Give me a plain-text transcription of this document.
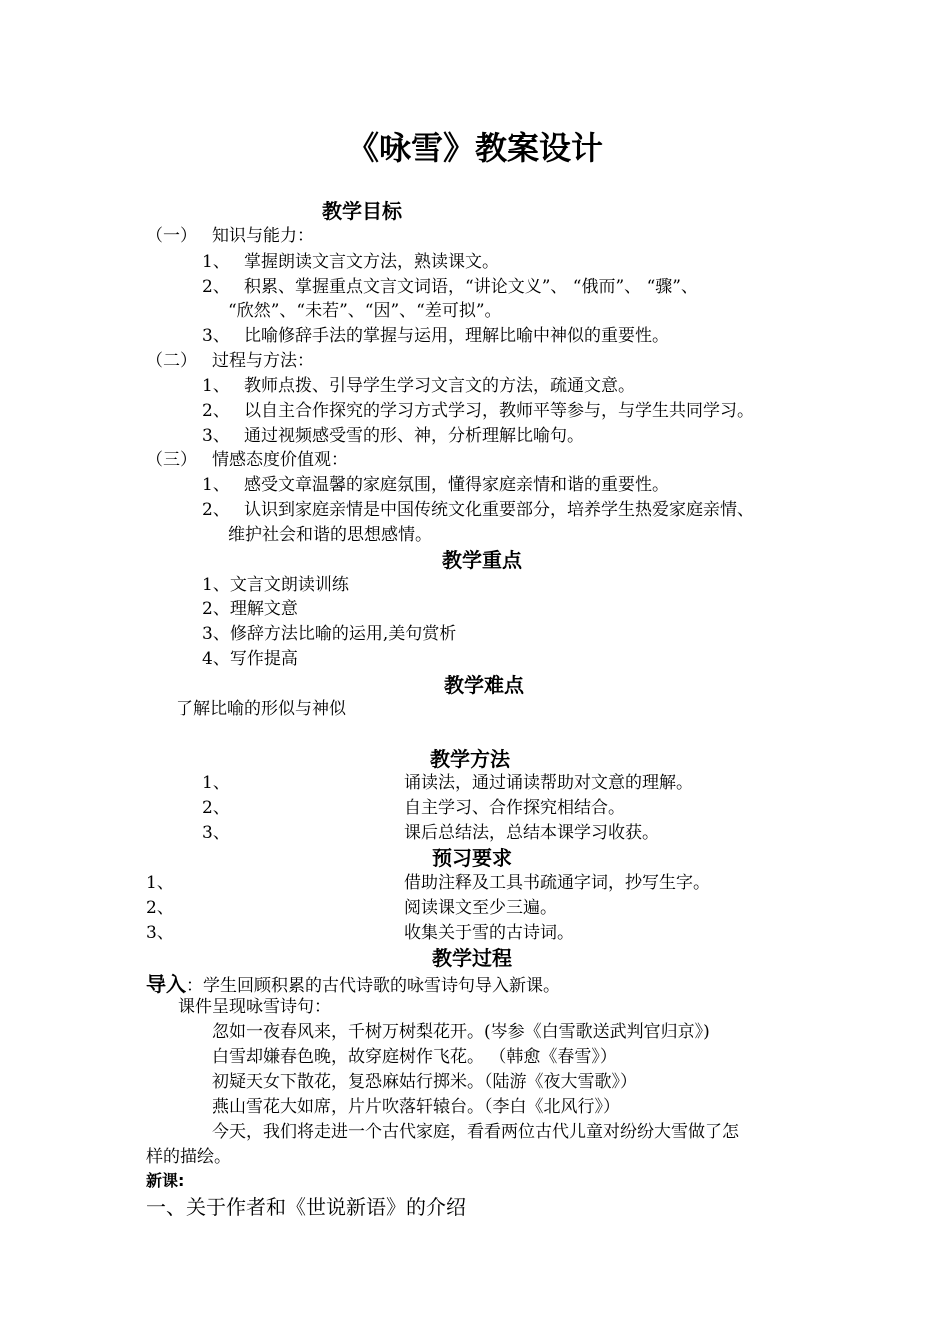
《咏雪》教案设计
教学目标
（一） 知识与能力：
1、 掌握朗读文言文方法，熟读课文。
2、 积累、掌握重点文言文词语，“讲论文义”、 “俄而”、 “骤”、
“欣然”、“未若”、“因”、“差可拟”。
3、 比喻修辞手法的掌握与运用，理解比喻中神似的重要性。
（二） 过程与方法：
1、 教师点拨、引导学生学习文言文的方法，疏通文意。
2、 以自主合作探究的学习方式学习，教师平等参与，与学生共同学习。
3、 通过视频感受雪的形、神，分析理解比喻句。
（三） 情感态度价值观：
1、 感受文章温馨的家庭氛围，懂得家庭亲情和谐的重要性。
2、 认识到家庭亲情是中国传统文化重要部分，培养学生热爱家庭亲情、
维护社会和谐的思想感情。
教学重点
1、文言文朗读训练
2、理解文意
3、修辞方法比喻的运用,美句赏析
4、写作提高
教学难点
了解比喻的形似与神似
教学方法
1、	诵读法，通过诵读帮助对文意的理解。
2、	自主学习、合作探究相结合。
3、	课后总结法，总结本课学习收获。
预习要求
1、	借助注释及工具书疏通字词，抄写生字。
2、	阅读课文至少三遍。
3、	收集关于雪的古诗词。
教学过程
导入：学生回顾积累的古代诗歌的咏雪诗句导入新课。
课件呈现咏雪诗句：
忽如一夜春风来，千树万树梨花开。(岑参《白雪歌送武判官归京》)
白雪却嫌春色晚，故穿庭树作飞花。 （韩愈《春雪》）
初疑天女下散花，复恐麻姑行掷米。（陆游《夜大雪歌》）
燕山雪花大如席，片片吹落轩辕台。（李白《北风行》）
今天，我们将走进一个古代家庭，看看两位古代儿童对纷纷大雪做了怎
样的描绘。
新课:
一、关于作者和《世说新语》的介绍
